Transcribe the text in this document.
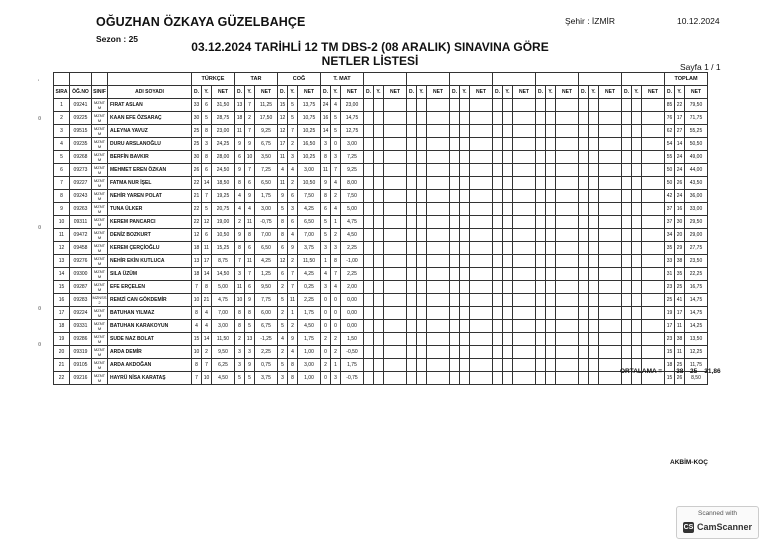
OĞUZHAN ÖZKAYA GÜZELBAHÇE
Sezon : 25
Şehir : İZMİR	10.12.2024
03.12.2024 TARİHLİ 12 TM DBS-2 (08 ARALIK) SINAVINA GÖRE
NETLER LİSTESİ	Sayfa 1 / 1
'
¤
¤
¤
¤
				TÜRKÇE			TAR			COĞ			T. MAT																								TOPLAM		
SIRA	ÖĞ.NO	SINIF	ADI SOYADI	D.	Y.	NET	D.	Y.	NET	D.	Y.	NET	D.	Y.	NET	D.	Y.	NET	D.	Y.	NET	D.	Y.	NET	D.	Y.	NET	D.	Y.	NET	D.	Y.	NET	D.	Y.	NET	D.	Y.	NET
1	09241	MZNT M	FIRAT ASLAN	33	6	31,50	13	7	11,25	15	5	13,75	24	4	23,00																						85	22	79,50
2	09225	MZNT M	KAAN EFE ÖZSARAÇ	30	5	28,75	18	2	17,50	12	5	10,75	16	5	14,75																						76	17	71,75
3	09515	MZNT M	ALEYNA YAVUZ	25	8	23,00	11	7	9,25	12	7	10,25	14	5	12,75																						62	27	55,25
4	09235	MZNT M	DURU ARSLANOĞLU	25	3	24,25	9	9	6,75	17	2	16,50	3	0	3,00																						54	14	50,50
5	09268	MZNT M	BERFİN BAVKIR	30	8	28,00	6	10	3,50	11	3	10,25	8	3	7,25																						55	24	49,00
6	09273	MZNT M	MEHMET EREN ÖZKAN	26	6	24,50	9	7	7,25	4	4	3,00	11	7	9,25																						50	24	44,00
7	09227	MZNT M	FATMA NUR İŞEL	22	14	18,50	8	6	6,50	11	2	10,50	9	4	8,00																						50	26	43,50
8	09243	MZNT M	NEHİR YAREN POLAT	21	7	19,25	4	9	1,75	9	6	7,50	8	2	7,50																						42	24	36,00
9	09263	MZNT M	TUNA ÜLKER	22	5	20,75	4	4	3,00	5	3	4,25	6	4	5,00																						37	16	33,00
10	09311	MZNT M	KEREM PANCARCI	22	12	19,00	2	11	-0,75	8	6	6,50	5	1	4,75																						37	30	29,50
11	09472	MZNT M	DENİZ BOZKURT	12	6	10,50	9	8	7,00	8	4	7,00	5	2	4,50																						34	20	29,00
12	09458	MZNT M	KEREM ÇERÇİOĞLU	18	11	15,25	8	6	6,50	6	9	3,75	3	3	2,25																						35	29	27,75
13	09276	MZNT M	NEHİR EKİN KUTLUCA	13	17	8,75	7	11	4,25	12	2	11,50	1	8	-1,00																						33	38	23,50
14	09300	MZNT M	SILA ÜZÜM	18	14	14,50	3	7	1,25	6	7	4,25	4	7	2,25																						31	35	22,25
15	09287	MZNT M	EFE ERÇELEN	7	8	5,00	11	6	9,50	2	7	0,25	3	4	2,00																						23	25	16,75
16	09283	MZNSS 2	REMZİ CAN GÖKDEMİR	10	21	4,75	10	9	7,75	5	11	2,25	0	0	0,00																						25	41	14,75
17	09224	MZNT M	BATUHAN YILMAZ	8	4	7,00	8	8	6,00	2	1	1,75	0	0	0,00																						19	17	14,75
18	09331	MZNT M	BATUHAN KARAKOYUN	4	4	3,00	8	5	6,75	5	2	4,50	0	0	0,00																						17	11	14,25
19	09286	MZNT M	SUDE NAZ BOLAT	15	14	11,50	2	13	-1,25	4	9	1,75	2	2	1,50																						23	38	13,50
20	09319	MZNT M	ARDA DEMİR	10	2	9,50	3	3	2,25	2	4	1,00	0	2	-0,50																						15	11	12,25
21	09105	MZNT M	ARDA AKDOĞAN	8	7	6,25	3	9	0,75	5	8	3,00	2	1	1,75																						18	25	11,75
22	09216	MZNT M	HAYRÜ NİSA KARATAŞ	7	10	4,50	5	5	3,75	3	8	1,00	0	3	-0,75																						15	26	8,50
ORTALAMA = 38 25 31,86
AKBİM-KOÇ
Scanned with
CS CamScanner
